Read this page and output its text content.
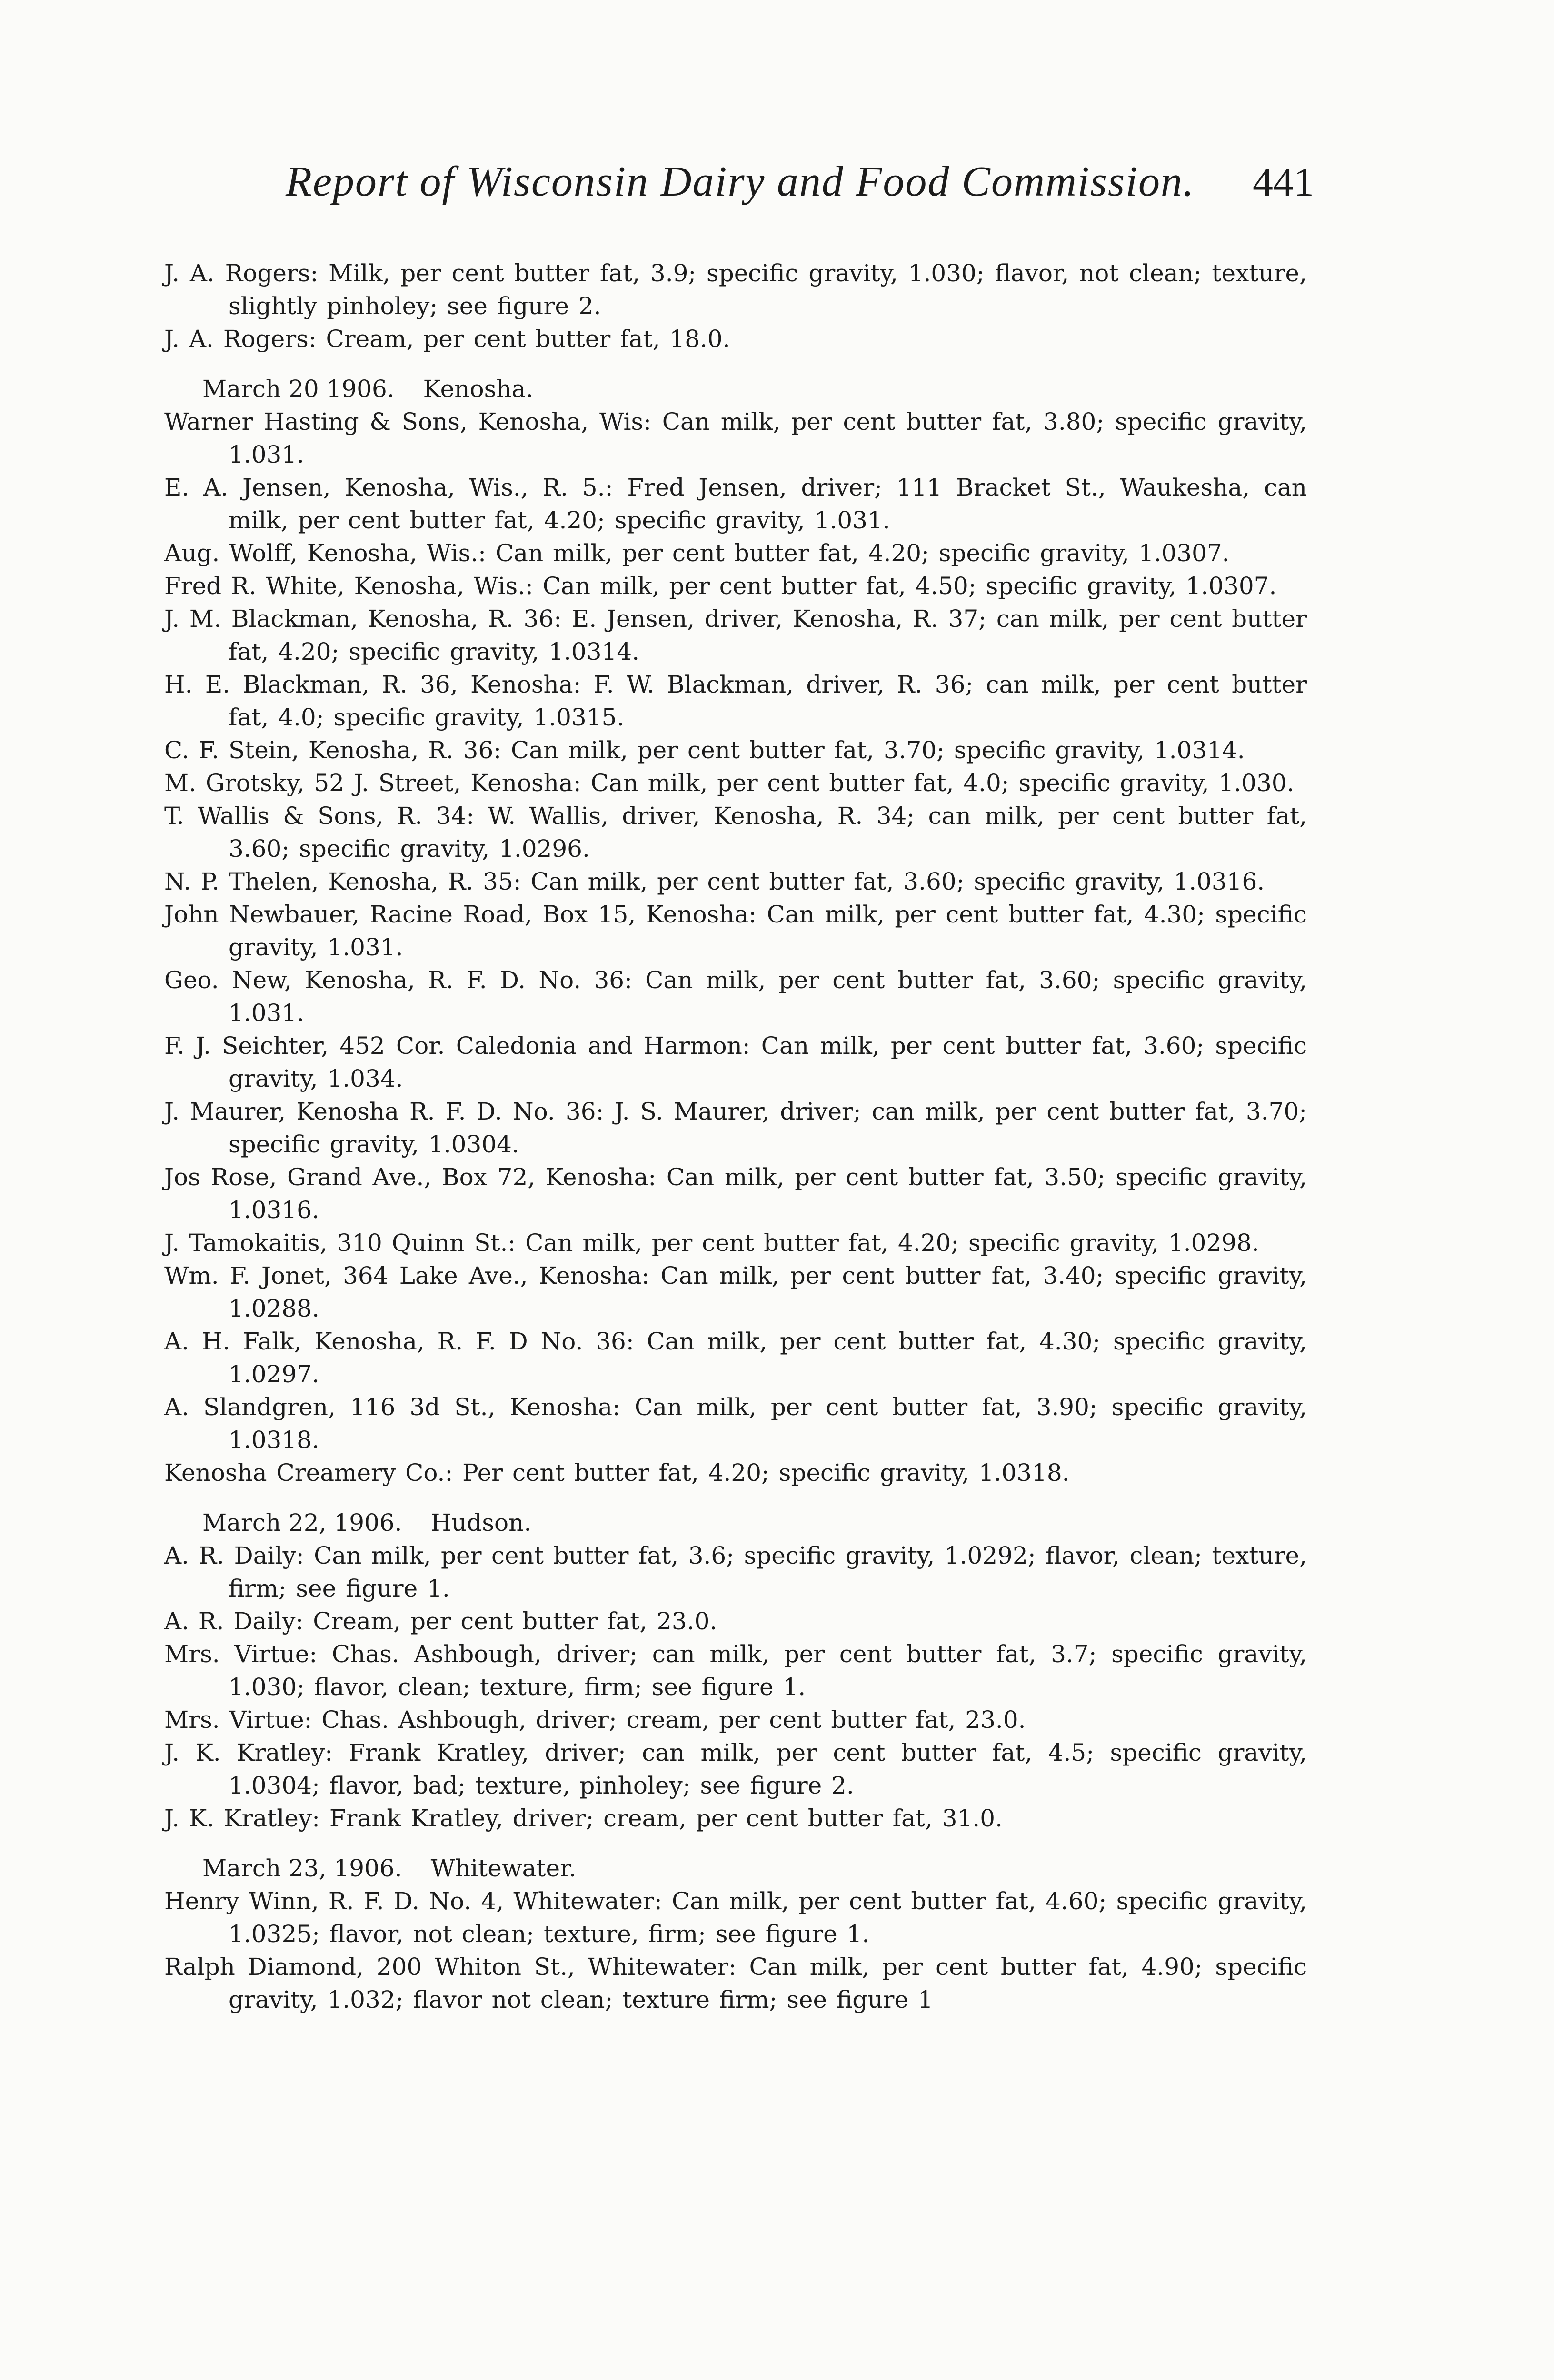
Report of Wisconsin Dairy and Food Commission. 441

J. A. Rogers: Milk, per cent butter fat, 3.9; specific gravity, 1.030; flavor, not clean; texture, slightly pinholey; see figure 2.

J. A. Rogers: Cream, per cent butter fat, 18.0.

March 20 1906. Kenosha.

Warner Hasting & Sons, Kenosha, Wis: Can milk, per cent butter fat, 3.80; specific gravity, 1.031.

E. A. Jensen, Kenosha, Wis., R. 5.: Fred Jensen, driver; 111 Bracket St., Waukesha, can milk, per cent butter fat, 4.20; specific gravity, 1.031.

Aug. Wolff, Kenosha, Wis.: Can milk, per cent butter fat, 4.20; specific gravity, 1.0307.

Fred R. White, Kenosha, Wis.: Can milk, per cent butter fat, 4.50; specific gravity, 1.0307.

J. M. Blackman, Kenosha, R. 36: E. Jensen, driver, Kenosha, R. 37; can milk, per cent butter fat, 4.20; specific gravity, 1.0314.

H. E. Blackman, R. 36, Kenosha: F. W. Blackman, driver, R. 36; can milk, per cent butter fat, 4.0; specific gravity, 1.0315.

C. F. Stein, Kenosha, R. 36: Can milk, per cent butter fat, 3.70; specific gravity, 1.0314.

M. Grotsky, 52 J. Street, Kenosha: Can milk, per cent butter fat, 4.0; specific gravity, 1.030.

T. Wallis & Sons, R. 34: W. Wallis, driver, Kenosha, R. 34; can milk, per cent butter fat, 3.60; specific gravity, 1.0296.

N. P. Thelen, Kenosha, R. 35: Can milk, per cent butter fat, 3.60; specific gravity, 1.0316.

John Newbauer, Racine Road, Box 15, Kenosha: Can milk, per cent butter fat, 4.30; specific gravity, 1.031.

Geo. New, Kenosha, R. F. D. No. 36: Can milk, per cent butter fat, 3.60; specific gravity, 1.031.

F. J. Seichter, 452 Cor. Caledonia and Harmon: Can milk, per cent butter fat, 3.60; specific gravity, 1.034.

J. Maurer, Kenosha R. F. D. No. 36: J. S. Maurer, driver; can milk, per cent butter fat, 3.70; specific gravity, 1.0304.

Jos Rose, Grand Ave., Box 72, Kenosha: Can milk, per cent butter fat, 3.50; specific gravity, 1.0316.

J. Tamokaitis, 310 Quinn St.: Can milk, per cent butter fat, 4.20; specific gravity, 1.0298.

Wm. F. Jonet, 364 Lake Ave., Kenosha: Can milk, per cent butter fat, 3.40; specific gravity, 1.0288.

A. H. Falk, Kenosha, R. F. D No. 36: Can milk, per cent butter fat, 4.30; specific gravity, 1.0297.

A. Slandgren, 116 3d St., Kenosha: Can milk, per cent butter fat, 3.90; specific gravity, 1.0318.

Kenosha Creamery Co.: Per cent butter fat, 4.20; specific gravity, 1.0318.

March 22, 1906. Hudson.

A. R. Daily: Can milk, per cent butter fat, 3.6; specific gravity, 1.0292; flavor, clean; texture, firm; see figure 1.

A. R. Daily: Cream, per cent butter fat, 23.0.

Mrs. Virtue: Chas. Ashbough, driver; can milk, per cent butter fat, 3.7; specific gravity, 1.030; flavor, clean; texture, firm; see figure 1.

Mrs. Virtue: Chas. Ashbough, driver; cream, per cent butter fat, 23.0.

J. K. Kratley: Frank Kratley, driver; can milk, per cent butter fat, 4.5; specific gravity, 1.0304; flavor, bad; texture, pinholey; see figure 2.

J. K. Kratley: Frank Kratley, driver; cream, per cent butter fat, 31.0.

March 23, 1906. Whitewater.

Henry Winn, R. F. D. No. 4, Whitewater: Can milk, per cent butter fat, 4.60; specific gravity, 1.0325; flavor, not clean; texture, firm; see figure 1.

Ralph Diamond, 200 Whiton St., Whitewater: Can milk, per cent butter fat, 4.90; specific gravity, 1.032; flavor not clean; texture firm; see figure 1
